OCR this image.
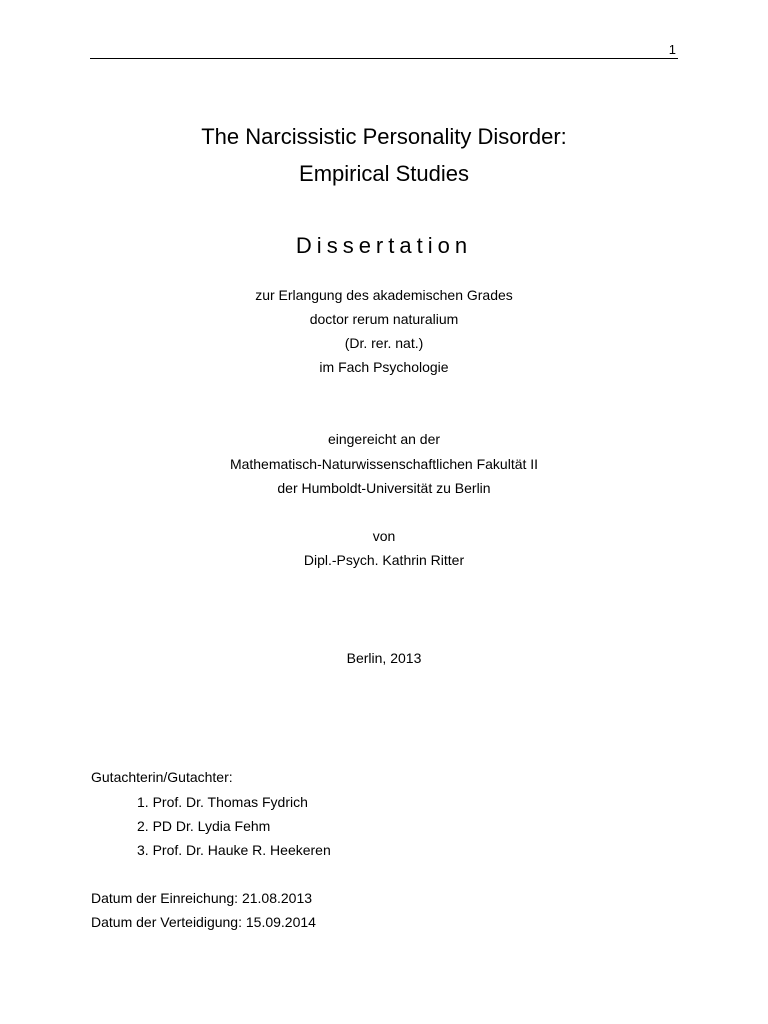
1
The Narcissistic Personality Disorder:
Empirical Studies
Dissertation
zur Erlangung des akademischen Grades
doctor rerum naturalium
(Dr. rer. nat.)
im Fach Psychologie
eingereicht an der
Mathematisch-Naturwissenschaftlichen Fakultät II
der Humboldt-Universität zu Berlin
von
Dipl.-Psych. Kathrin Ritter
Berlin, 2013
Gutachterin/Gutachter:
1. Prof. Dr. Thomas Fydrich
2. PD Dr. Lydia Fehm
3. Prof. Dr. Hauke R. Heekeren
Datum der Einreichung: 21.08.2013
Datum der Verteidigung: 15.09.2014
